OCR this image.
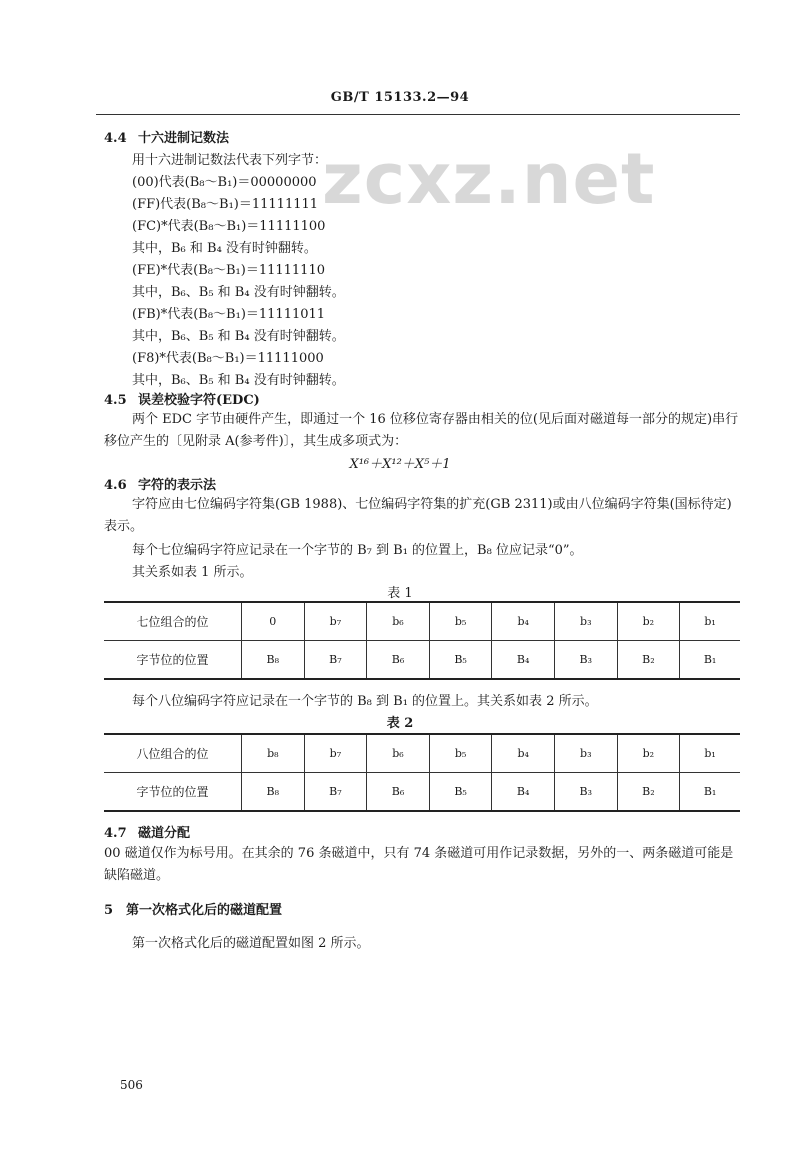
GB/T 15133.2—94
zcxz.net
4.4 十六进制记数法
用十六进制记数法代表下列字节：
(00)代表(B₈～B₁)＝00000000
(FF)代表(B₈～B₁)＝11111111
(FC)*代表(B₈～B₁)＝11111100
其中，B₆ 和 B₄ 没有时钟翻转。
(FE)*代表(B₈～B₁)＝11111110
其中，B₆、B₅ 和 B₄ 没有时钟翻转。
(FB)*代表(B₈～B₁)＝11111011
其中，B₆、B₅ 和 B₄ 没有时钟翻转。
(F8)*代表(B₈～B₁)＝11111000
其中，B₆、B₅ 和 B₄ 没有时钟翻转。
4.5 误差校验字符(EDC)
两个 EDC 字节由硬件产生，即通过一个 16 位移位寄存器由相关的位(见后面对磁道每一部分的规定)串行移位产生的〔见附录 A(参考件)〕，其生成多项式为：
X¹⁶＋X¹²＋X⁵＋1
4.6 字符的表示法
字符应由七位编码字符集(GB 1988)、七位编码字符集的扩充(GB 2311)或由八位编码字符集(国标待定)表示。
每个七位编码字符应记录在一个字节的 B₇ 到 B₁ 的位置上，B₈ 位应记录“0”。
其关系如表 1 所示。
表 1
七位组合的位	0	b₇	b₆	b₅	b₄	b₃	b₂	b₁
字节位的位置	B₈	B₇	B₆	B₅	B₄	B₃	B₂	B₁
每个八位编码字符应记录在一个字节的 B₈ 到 B₁ 的位置上。其关系如表 2 所示。
表 2
八位组合的位	b₈	b₇	b₆	b₅	b₄	b₃	b₂	b₁
字节位的位置	B₈	B₇	B₆	B₅	B₄	B₃	B₂	B₁
4.7 磁道分配
00 磁道仅作为标号用。在其余的 76 条磁道中，只有 74 条磁道可用作记录数据，另外的一、两条磁道可能是缺陷磁道。
5 第一次格式化后的磁道配置
第一次格式化后的磁道配置如图 2 所示。
506
